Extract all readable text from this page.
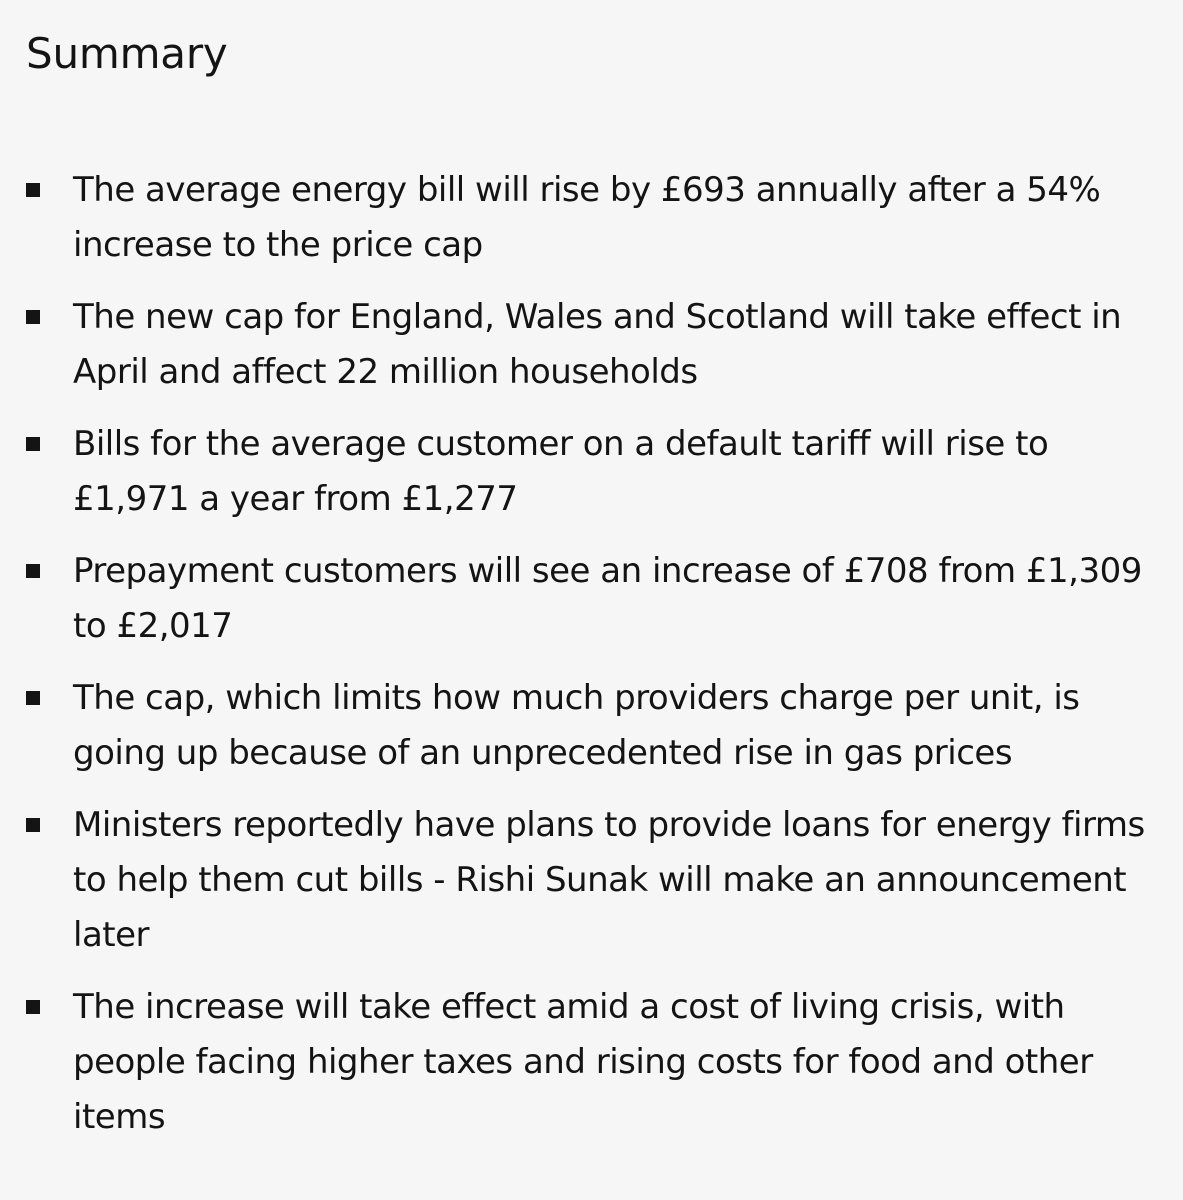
Summary
The average energy bill will rise by £693 annually after a 54% increase to the price cap
The new cap for England, Wales and Scotland will take effect in April and affect 22 million households
Bills for the average customer on a default tariff will rise to £1,971 a year from £1,277
Prepayment customers will see an increase of £708 from £1,309 to £2,017
The cap, which limits how much providers charge per unit, is going up because of an unprecedented rise in gas prices
Ministers reportedly have plans to provide loans for energy firms to help them cut bills - Rishi Sunak will make an announcement later
The increase will take effect amid a cost of living crisis, with people facing higher taxes and rising costs for food and other items
